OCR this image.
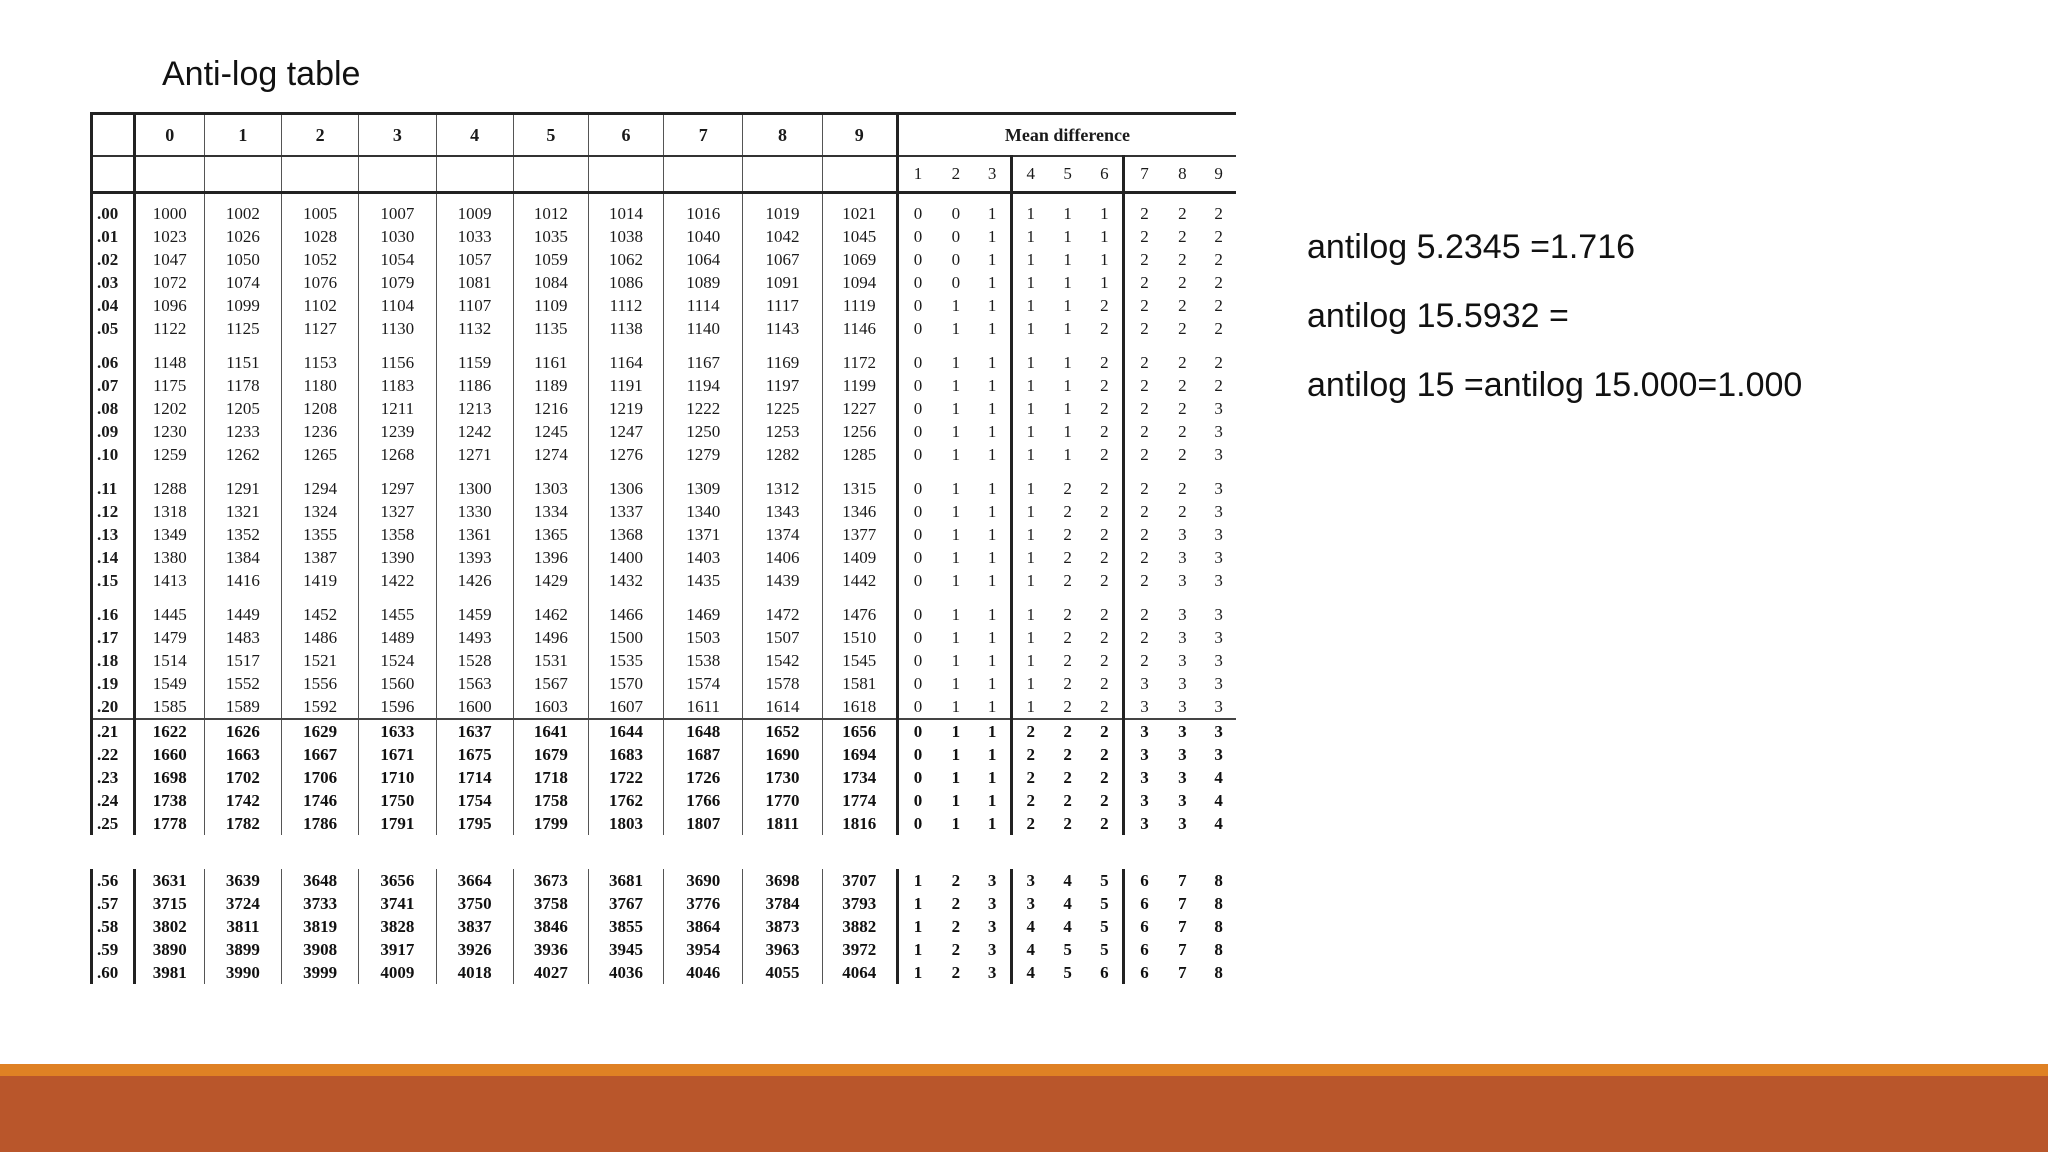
Anti-log table
	0	1	2	3	4	5	6	7	8	9	Mean difference								
											1	2	3	4	5	6	7	8	9
.00	1000	1002	1005	1007	1009	1012	1014	1016	1019	1021	0	0	1	1	1	1	2	2	2
.01	1023	1026	1028	1030	1033	1035	1038	1040	1042	1045	0	0	1	1	1	1	2	2	2
.02	1047	1050	1052	1054	1057	1059	1062	1064	1067	1069	0	0	1	1	1	1	2	2	2
.03	1072	1074	1076	1079	1081	1084	1086	1089	1091	1094	0	0	1	1	1	1	2	2	2
.04	1096	1099	1102	1104	1107	1109	1112	1114	1117	1119	0	1	1	1	1	2	2	2	2
.05	1122	1125	1127	1130	1132	1135	1138	1140	1143	1146	0	1	1	1	1	2	2	2	2

.06	1148	1151	1153	1156	1159	1161	1164	1167	1169	1172	0	1	1	1	1	2	2	2	2
.07	1175	1178	1180	1183	1186	1189	1191	1194	1197	1199	0	1	1	1	1	2	2	2	2
.08	1202	1205	1208	1211	1213	1216	1219	1222	1225	1227	0	1	1	1	1	2	2	2	3
.09	1230	1233	1236	1239	1242	1245	1247	1250	1253	1256	0	1	1	1	1	2	2	2	3
.10	1259	1262	1265	1268	1271	1274	1276	1279	1282	1285	0	1	1	1	1	2	2	2	3

.11	1288	1291	1294	1297	1300	1303	1306	1309	1312	1315	0	1	1	1	2	2	2	2	3
.12	1318	1321	1324	1327	1330	1334	1337	1340	1343	1346	0	1	1	1	2	2	2	2	3
.13	1349	1352	1355	1358	1361	1365	1368	1371	1374	1377	0	1	1	1	2	2	2	3	3
.14	1380	1384	1387	1390	1393	1396	1400	1403	1406	1409	0	1	1	1	2	2	2	3	3
.15	1413	1416	1419	1422	1426	1429	1432	1435	1439	1442	0	1	1	1	2	2	2	3	3

.16	1445	1449	1452	1455	1459	1462	1466	1469	1472	1476	0	1	1	1	2	2	2	3	3
.17	1479	1483	1486	1489	1493	1496	1500	1503	1507	1510	0	1	1	1	2	2	2	3	3
.18	1514	1517	1521	1524	1528	1531	1535	1538	1542	1545	0	1	1	1	2	2	2	3	3
.19	1549	1552	1556	1560	1563	1567	1570	1574	1578	1581	0	1	1	1	2	2	3	3	3
.20	1585	1589	1592	1596	1600	1603	1607	1611	1614	1618	0	1	1	1	2	2	3	3	3
.21	1622	1626	1629	1633	1637	1641	1644	1648	1652	1656	0	1	1	2	2	2	3	3	3
.22	1660	1663	1667	1671	1675	1679	1683	1687	1690	1694	0	1	1	2	2	2	3	3	3
.23	1698	1702	1706	1710	1714	1718	1722	1726	1730	1734	0	1	1	2	2	2	3	3	4
.24	1738	1742	1746	1750	1754	1758	1762	1766	1770	1774	0	1	1	2	2	2	3	3	4
.25	1778	1782	1786	1791	1795	1799	1803	1807	1811	1816	0	1	1	2	2	2	3	3	4

.56	3631	3639	3648	3656	3664	3673	3681	3690	3698	3707	1	2	3	3	4	5	6	7	8
.57	3715	3724	3733	3741	3750	3758	3767	3776	3784	3793	1	2	3	3	4	5	6	7	8
.58	3802	3811	3819	3828	3837	3846	3855	3864	3873	3882	1	2	3	4	4	5	6	7	8
.59	3890	3899	3908	3917	3926	3936	3945	3954	3963	3972	1	2	3	4	5	5	6	7	8
.60	3981	3990	3999	4009	4018	4027	4036	4046	4055	4064	1	2	3	4	5	6	6	7	8
antilog 5.2345 =1.716
antilog 15.5932 =
antilog 15 =antilog 15.000=1.000
